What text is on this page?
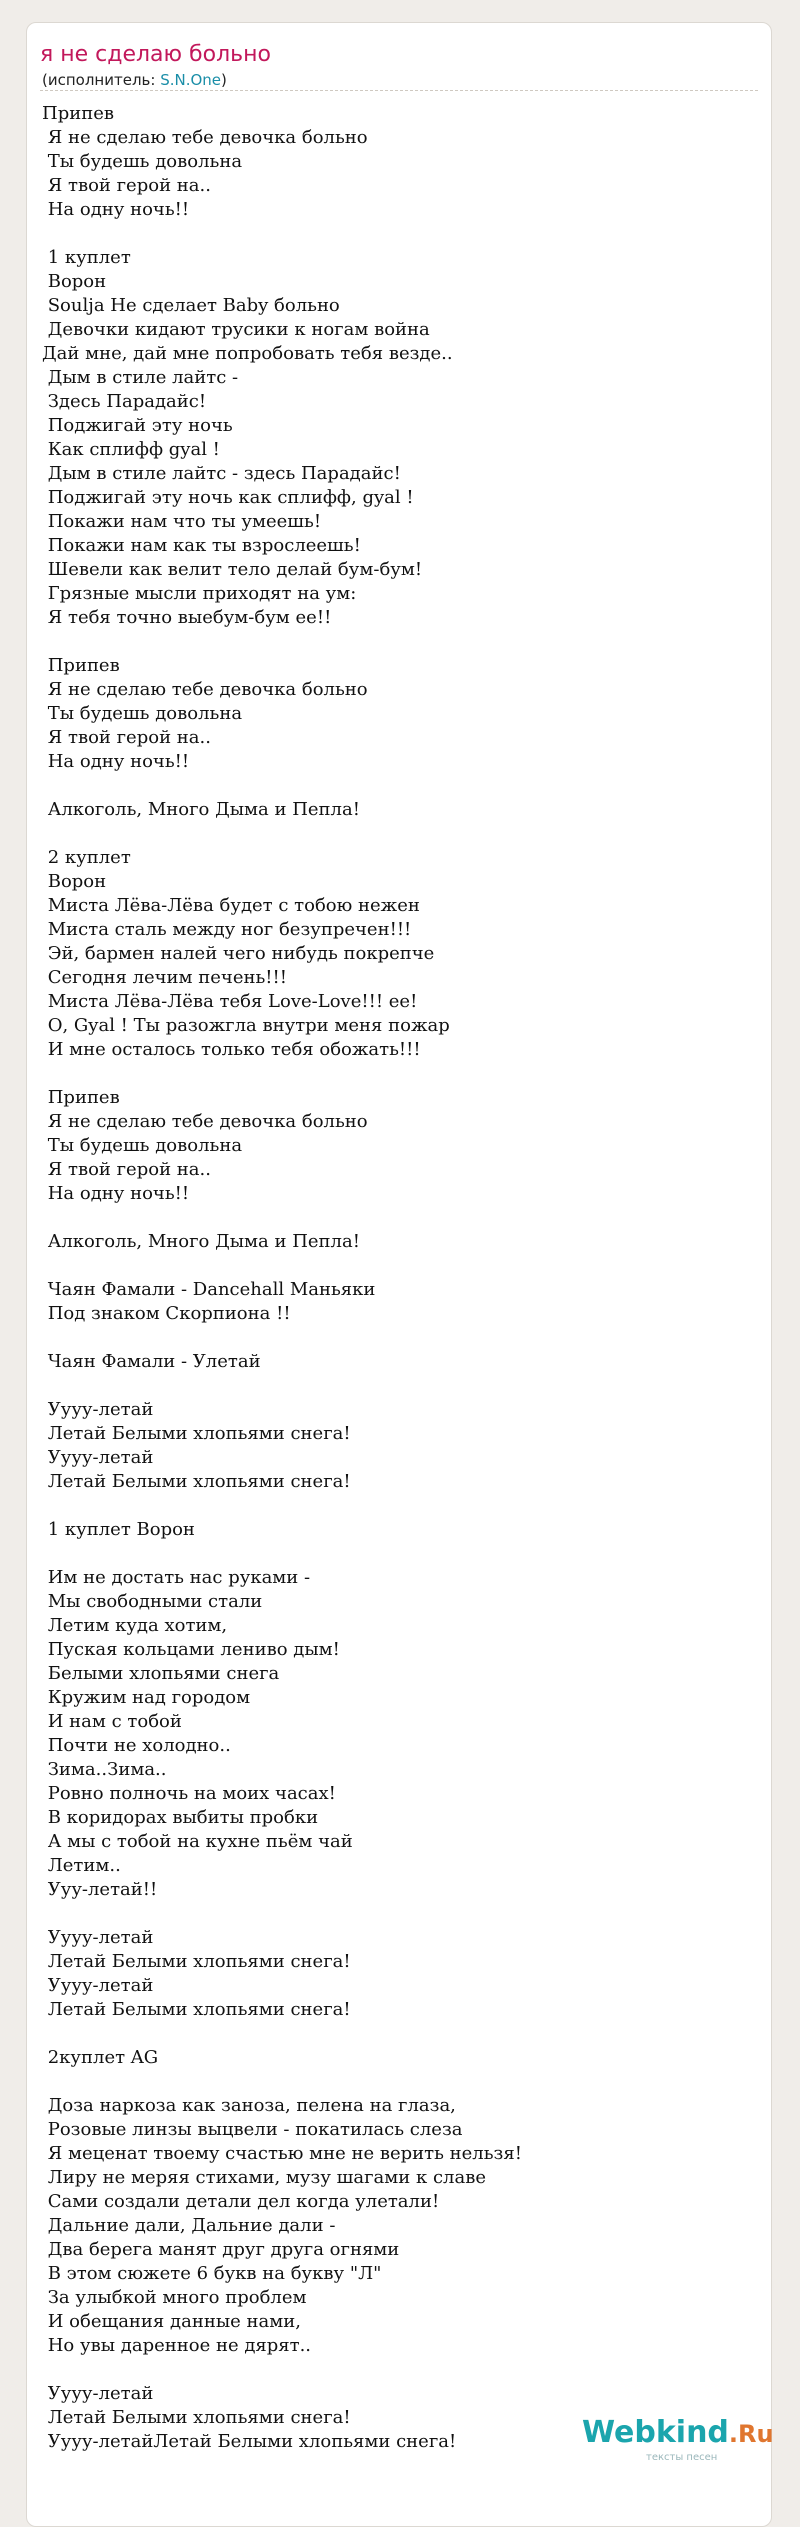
я не сделаю больно
(исполнитель: S.N.One)
Припев
Я не сделаю тебе девочка больно
Ты будешь довольна
Я твой герой на..
На одну ночь!!
1 куплет
Ворон
Soulja Не сделает Baby больно
Девочки кидают трусики к ногам война
Дай мне, дай мне попробовать тебя везде..
Дым в стиле лайтс -
Здесь Парадайс!
Поджигай эту ночь
Как сплифф gyal !
Дым в стиле лайтс - здесь Парадайс!
Поджигай эту ночь как сплифф, gyal !
Покажи нам что ты умеешь!
Покажи нам как ты взрослеешь!
Шевели как велит тело делай бум-бум!
Грязные мысли приходят на ум:
Я тебя точно выебум-бум ее!!
Припев
Я не сделаю тебе девочка больно
Ты будешь довольна
Я твой герой на..
На одну ночь!!
Алкоголь, Много Дыма и Пепла!
2 куплет
Ворон
Миста Лёва-Лёва будет с тобою нежен
Миста сталь между ног безупречен!!!
Эй, бармен налей чего нибудь покрепче
Сегодня лечим печень!!!
Миста Лёва-Лёва тебя Love-Love!!! ее!
О, Gyal ! Ты разожгла внутри меня пожар
И мне осталось только тебя обожать!!!
Припев
Я не сделаю тебе девочка больно
Ты будешь довольна
Я твой герой на..
На одну ночь!!
Алкоголь, Много Дыма и Пепла!
Чаян Фамали - Dancehall Маньяки
Под знаком Скорпиона !!
Чаян Фамали - Улетай
Уууу-летай
Летай Белыми хлопьями снега!
Уууу-летай
Летай Белыми хлопьями снега!
1 куплет Ворон
Им не достать нас руками -
Мы свободными стали
Летим куда хотим,
Пуская кольцами лениво дым!
Белыми хлопьями снега
Кружим над городом
И нам с тобой
Почти не холодно..
Зима..Зима..
Ровно полночь на моих часах!
В коридорах выбиты пробки
А мы с тобой на кухне пьём чай
Летим..
Ууу-летай!!
Уууу-летай
Летай Белыми хлопьями снега!
Уууу-летай
Летай Белыми хлопьями снега!
2куплет AG
Доза наркоза как заноза, пелена на глаза,
Розовые линзы выцвели - покатилась слеза
Я меценат твоему счастью мне не верить нельзя!
Лиру не меряя стихами, музу шагами к славе
Сами создали детали дел когда улетали!
Дальние дали, Дальние дали -
Два берега манят друг друга огнями
В этом сюжете 6 букв на букву "Л"
За улыбкой много проблем
И обещания данные нами,
Но увы даренное не дярят..
Уууу-летай
Летай Белыми хлопьями снега!
Уууу-летайЛетай Белыми хлопьями снега!	Webkind.Ru
тексты песен
